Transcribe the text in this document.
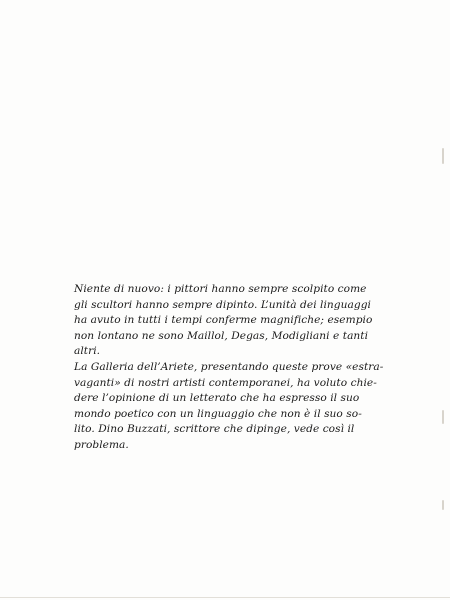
Niente di nuovo: i pittori hanno sempre scolpito come
gli scultori hanno sempre dipinto. L’unità dei linguaggi
ha avuto in tutti i tempi conferme magnifiche; esempio
non lontano ne sono Maillol, Degas, Modigliani e tanti
altri.
La Galleria dell’Ariete, presentando queste prove «estra-
vaganti» di nostri artisti contemporanei, ha voluto chie-
dere l’opinione di un letterato che ha espresso il suo
mondo poetico con un linguaggio che non è il suo so-
lito. Dino Buzzati, scrittore che dipinge, vede così il
problema.
